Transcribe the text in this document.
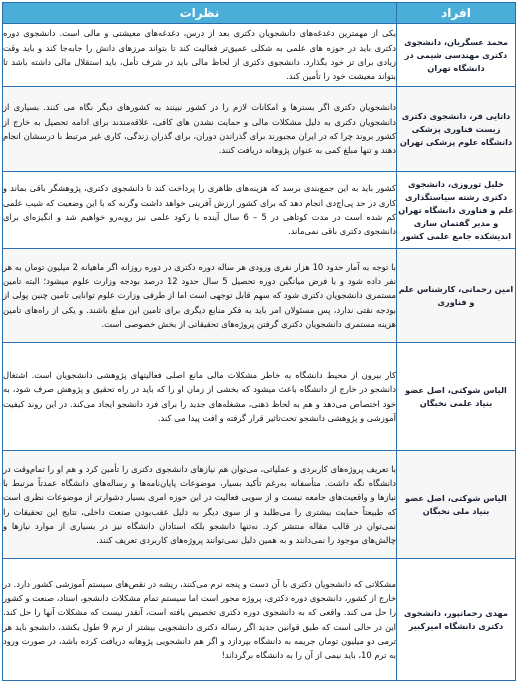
افراد	نظرات
محمد عسگریان، دانشجوی دکتری مهندسی شیمی در دانشگاه تهران	یکی از مهمترین دغدغه‌های دانشجویان دکتری بعد از درس، دغدغه‌های معیشتی و مالی است. دانشجوی دوره دکتری باید در حوزه های علمی به شکلی عمیق‌تر فعالیت کند تا بتواند مرزهای دانش را جابه‌جا کند و باید وقت زیادی برای تز خود بگذارد. دانشجوی دکتری از لحاظ مالی باید در شرف تأمل، باید استقلال مالی داشته باشد تا بتواند معیشت خود را تأمین کند.
داتایی فر، دانشجوی دکتری زیست فناوری پزشکی دانشگاه علوم پزشکی تهران	دانشجویان دکتری اگر بسترها و امکانات لازم را در کشور نبینند به کشورهای دیگر نگاه می کنند. بسیاری از دانشجویان دکتری به دلیل مشکلات مالی و حمایت نشدن های کافی، علاقه‌مندند برای ادامه تحصیل به خارج از کشور بروند چرا که در ایران مجبورند برای گذراندن دوران، برای گذران زندگی، کاری غیر مرتبط با درسشان انجام دهند و تنها مبلغ کمی به عنوان پژوهانه دریافت کنند.
خلیل توروزی، دانشجوی دکتری رشته سیاستگذاری علم و فناوری دانشگاه تهران و مدیر گفتمان سازی اندیشکده جامع علمی کشور	کشور باید به این جمع‌بندی برسد که هزینه‌های ظاهری را پرداخت کند تا دانشجوی دکتری، پژوهشگر باقی بماند و کاری در حد پی‌اچ‌دی انجام دهد که برای کشور ارزش آفرینی خواهد داشت وگرنه که با این وضعیت که شیب علمی کم شده است در مدت کوتاهی در 5 – 6 سال آینده با رکود علمی نیز روبه‌رو خواهیم شد و انگیزه‌ای برای دانشجوی دکتری باقی نمی‌ماند.
امین رحمانی، کارشناس علم و فناوری	با توجه به آمار حدود 10 هزار نفری ورودی هر ساله دوره دکتری در دوره روزانه اگر ماهیانه 2 میلیون تومان به هر نفر داده شود و با فرض میانگین دوره تحصیل 5 سال حدود 12 درصد بودجه وزارت علوم میشود؛ البته تامین مستمری دانشجویان دکتری شود که سهم قابل توجهی است اما از طرفی وزارت علوم توانایی تامین چنین پولی از بودجه نقتی ندارد، پس مسئولان امر باید به فکر منابع دیگری برای تامین این مبلغ باشند. و یکی از راه‌های تامین هزینه مستمری دانشجویان دکتری گرفتن پروژه‌های تحقیقاتی از بخش خصوصی است.
الیاس شوکتی، اصل عضو بنیاد علمی نخبگان	کار بیرون از محیط دانشگاه به خاطر مشکلات مالی مانع اصلی فعالیتهای پژوهشی دانشجویان است. اشتغال دانشجو در خارج از دانشگاه باعث میشود که بخشی از زمان او را که باید در راه تحقیق و پژوهش صرف شود، به خود اختصاص می‌دهد و هم به لحاظ ذهنی، مشغله‌های جدید را برای فرد دانشجو ایجاد می‌کند. در این روند کیفیت آموزشی و پژوهشی دانشجو تحت‌تاثیر قرار گرفته و افت پیدا می کند.
الیاس شوکتی، اصل عضو بنیاد ملی نخبگان	با تعریف پروژه‌های کاربردی و عملیاتی، می‌توان هم نیازهای دانشجوی دکتری را تأمین کرد و هم او را تمام‌وقت در دانشگاه نگه داشت. متأسفانه به‌رغم تأکید بسیار، موضوعات پایان‌نامه‌ها و رساله‌های دانشگاه عمدتاً مرتبط با نیازها و واقعیت‌های جامعه نیست و از سویی فعالیت در این حوزه امری بسیار دشوارتر از موضوعات نظری است که طبیعتاً حمایت بیشتری را می‌طلبد و از سوی دیگر به دلیل عقب‌بودن صنعت داخلی، نتایج این تحقیقات را نمی‌توان در قالب مقاله منتشر کرد. نه‌تنها دانشجو بلکه استادان دانشگاه نیز در بسیاری از موارد نیازها و چالش‌های موجود را نمی‌دانند و به همین دلیل نمی‌توانند پروژه‌های کاربردی تعریف کنند.
مهدی رحمانپور، دانشجوی دکتری دانشگاه امیرکبیر	مشکلاتی که دانشجویان دکتری با آن دست و پنجه نرم می‌کنند، ریشه در نقص‌های سیستم آموزشی کشور دارد. در خارج از کشور، دانشجوی دوره دکتری، پروژه محور است اما سیستم تمام مشکلات دانشجو، استاد، صنعت و کشور را حل می کند. واقعی که به دانشجوی دوره دکتری تخصیص یافته است، آنقدر نیست که مشکلات آنها را حل کند. این در حالی است که طبق قوانین جدید اگر رساله دکتری دانشجویی بیشتر از ترم 9 طول بکشد، دانشجو باید هر ترمی دو میلیون تومان جریمه به دانشگاه بپردازد و اگر هم دانشجویی پژوهانه دریافت کرده باشد، در صورت ورود به ترم 10، باید نیمی از آن را به دانشگاه برگرداند!
